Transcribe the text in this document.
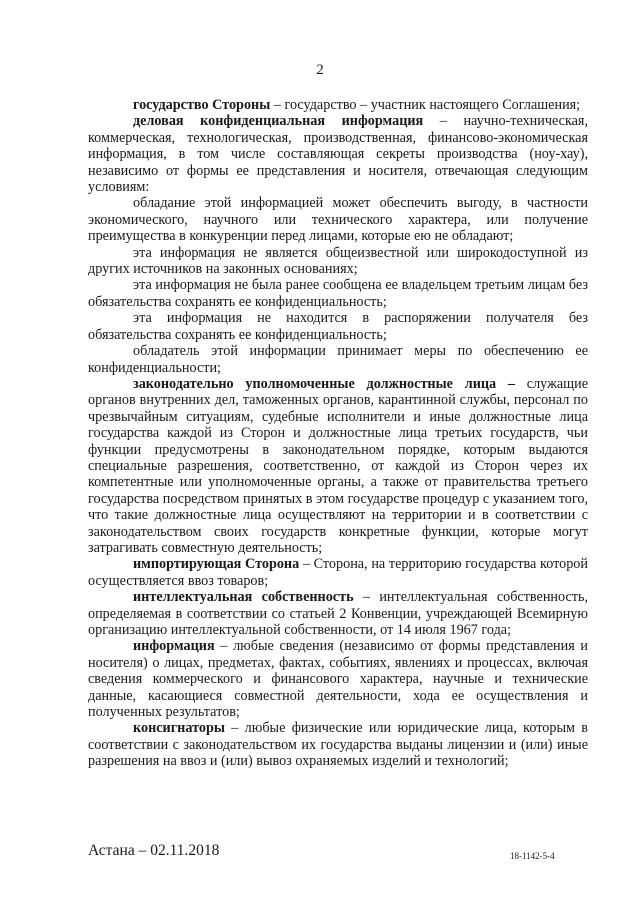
2

государство Стороны – государство – участник настоящего Соглашения;

деловая конфиденциальная информация – научно-техническая, коммерческая, технологическая, производственная, финансово-экономическая информация, в том числе составляющая секреты производства (ноу-хау), независимо от формы ее представления и носителя, отвечающая следующим условиям:

обладание этой информацией может обеспечить выгоду, в частности экономического, научного или технического характера, или получение преимущества в конкуренции перед лицами, которые ею не обладают;

эта информация не является общеизвестной или широкодоступной из других источников на законных основаниях;

эта информация не была ранее сообщена ее владельцем третьим лицам без обязательства сохранять ее конфиденциальность;

эта информация не находится в распоряжении получателя без обязательства сохранять ее конфиденциальность;

обладатель этой информации принимает меры по обеспечению ее конфиденциальности;

законодательно уполномоченные должностные лица – служащие органов внутренних дел, таможенных органов, карантинной службы, персонал по чрезвычайным ситуациям, судебные исполнители и иные должностные лица государства каждой из Сторон и должностные лица третьих государств, чьи функции предусмотрены в законодательном порядке, которым выдаются специальные разрешения, соответственно, от каждой из Сторон через их компетентные или уполномоченные органы, а также от правительства третьего государства посредством принятых в этом государстве процедур с указанием того, что такие должностные лица осуществляют на территории и в соответствии с законодательством своих государств конкретные функции, которые могут затрагивать совместную деятельность;

импортирующая Сторона – Сторона, на территорию государства которой осуществляется ввоз товаров;

интеллектуальная собственность – интеллектуальная собственность, определяемая в соответствии со статьей 2 Конвенции, учреждающей Всемирную организацию интеллектуальной собственности, от 14 июля 1967 года;

информация – любые сведения (независимо от формы представления и носителя) о лицах, предметах, фактах, событиях, явлениях и процессах, включая сведения коммерческого и финансового характера, научные и технические данные, касающиеся совместной деятельности, хода ее осуществления и полученных результатов;

консигнаторы – любые физические или юридические лица, которым в соответствии с законодательством их государства выданы лицензии и (или) иные разрешения на ввоз и (или) вывоз охраняемых изделий и технологий;

Астана – 02.11.2018	18-1142-5-4
